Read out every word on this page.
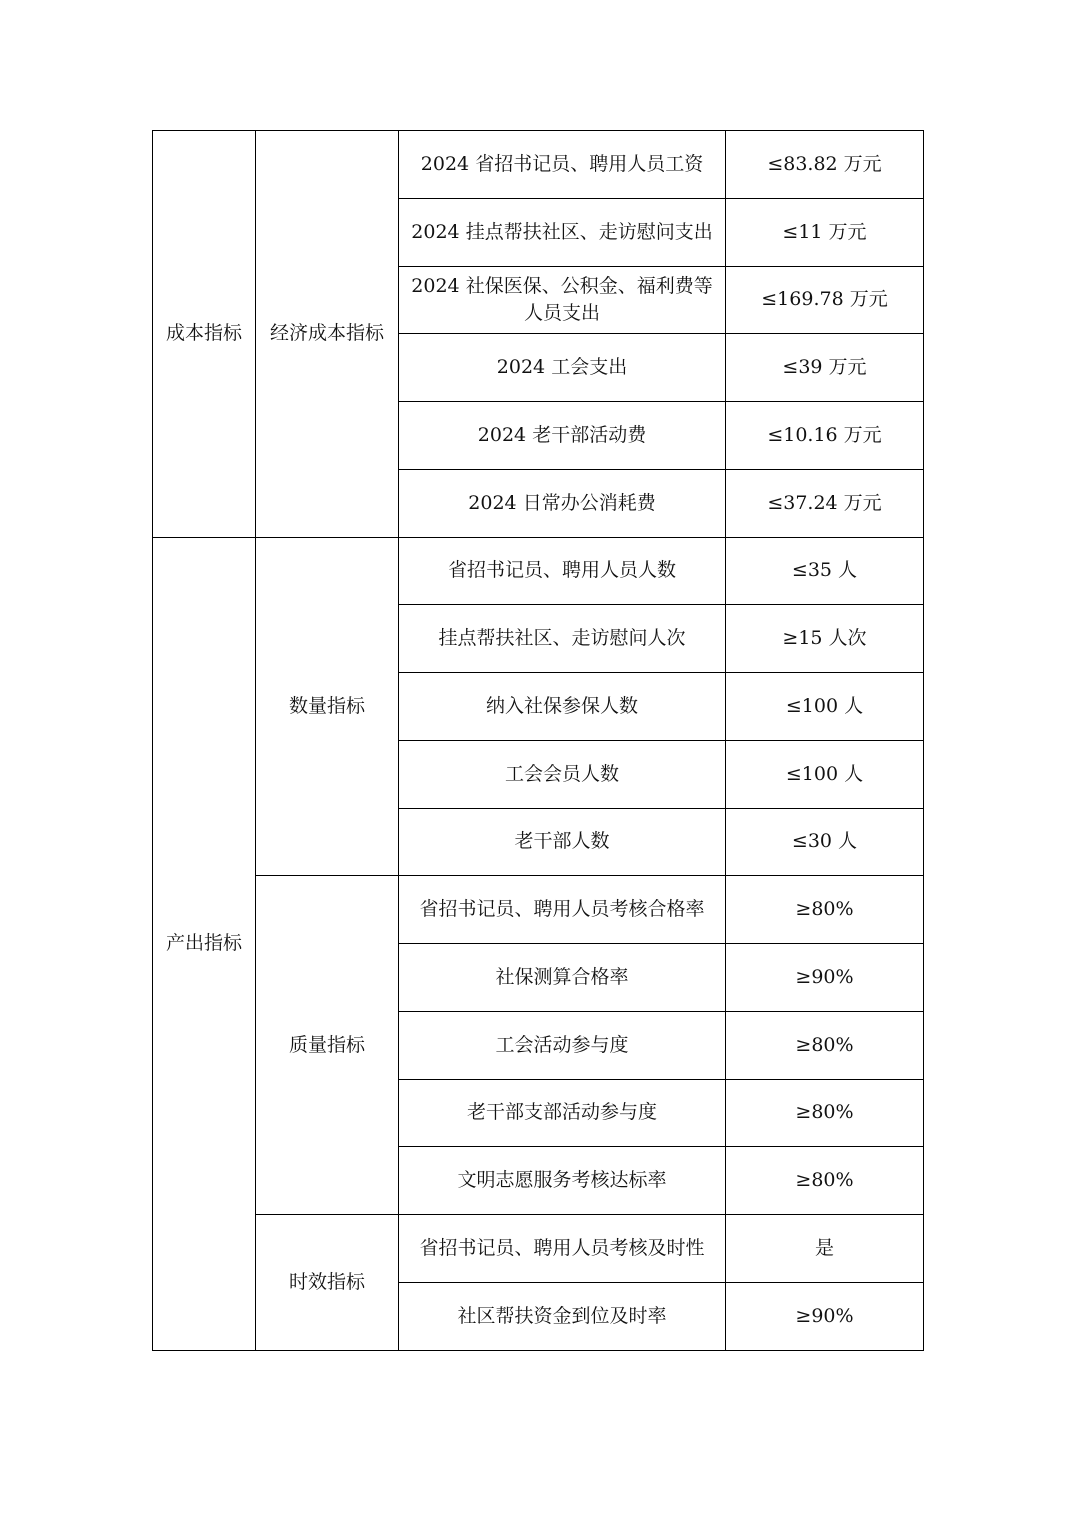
成本指标	经济成本指标	2024 省招书记员、聘用人员工资	≤83.82 万元
		2024 挂点帮扶社区、走访慰问支出	≤11 万元
		2024 社保医保、公积金、福利费等人员支出	≤169.78 万元
		2024 工会支出	≤39 万元
		2024 老干部活动费	≤10.16 万元
		2024 日常办公消耗费	≤37.24 万元
产出指标	数量指标	省招书记员、聘用人员人数	≤35 人
		挂点帮扶社区、走访慰问人次	≥15 人次
		纳入社保参保人数	≤100 人
		工会会员人数	≤100 人
		老干部人数	≤30 人
	质量指标	省招书记员、聘用人员考核合格率	≥80%
		社保测算合格率	≥90%
		工会活动参与度	≥80%
		老干部支部活动参与度	≥80%
		文明志愿服务考核达标率	≥80%
	时效指标	省招书记员、聘用人员考核及时性	是
		社区帮扶资金到位及时率	≥90%
